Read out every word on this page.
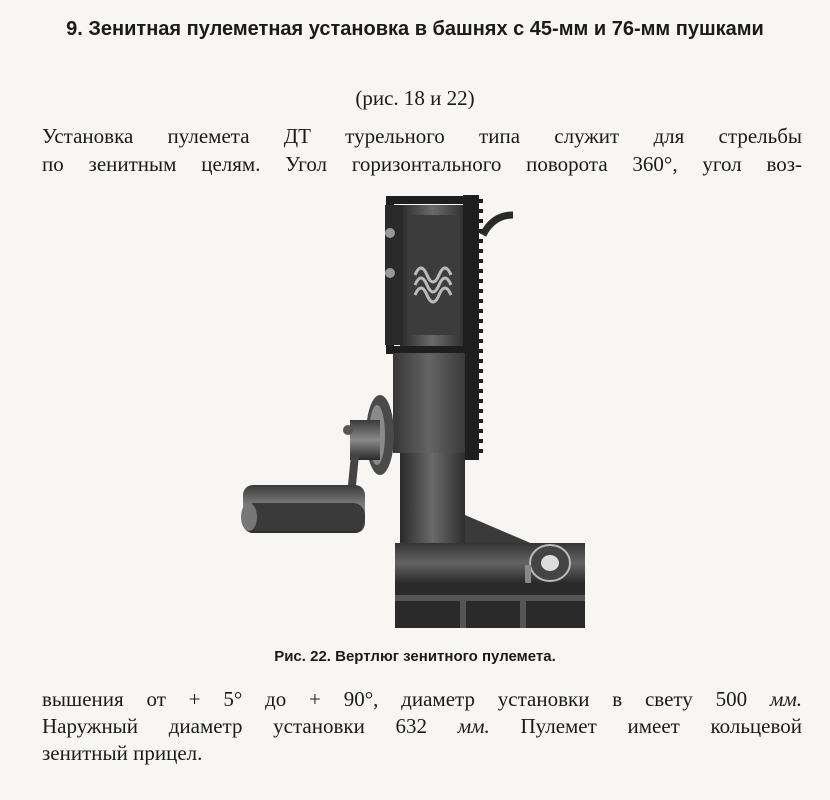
9. Зенитная пулеметная установка в башнях с 45-мм и 76-мм пушками
(рис. 18 и 22)
Установка пулемета ДТ турельного типа служит для стрельбы
по зенитным целям. Угол горизонтального поворота 360°, угол воз-
Рис. 22. Вертлюг зенитного пулемета.
вышения от + 5° до + 90°, диаметр установки в свету 500 мм.
Наружный диаметр установки 632 мм. Пулемет имеет кольцевой
зенитный прицел.
